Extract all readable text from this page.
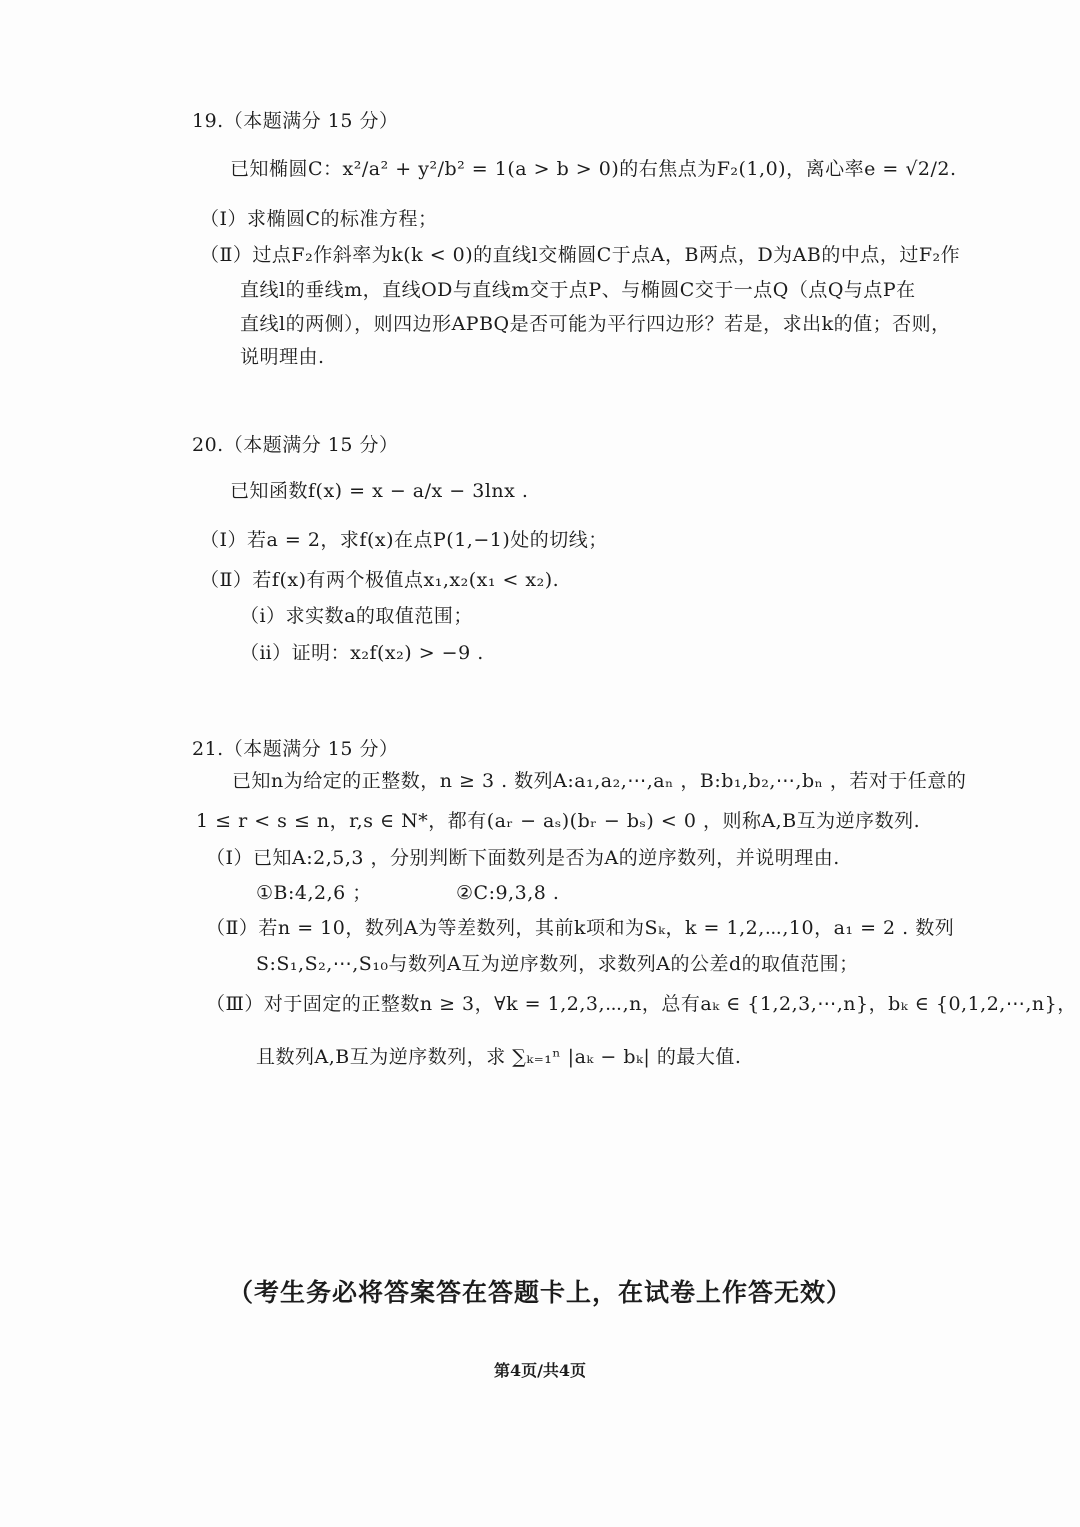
19.（本题满分 15 分）
已知椭圆C：x²/a² + y²/b² = 1(a > b > 0)的右焦点为F₂(1,0)，离心率e = √2/2.
（Ⅰ）求椭圆C的标准方程；
（Ⅱ）过点F₂作斜率为k(k < 0)的直线l交椭圆C于点A，B两点，D为AB的中点，过F₂作
直线l的垂线m，直线OD与直线m交于点P、与椭圆C交于一点Q（点Q与点P在
直线l的两侧），则四边形APBQ是否可能为平行四边形？若是，求出k的值；否则，
说明理由.
20.（本题满分 15 分）
已知函数f(x) = x − a/x − 3lnx .
（Ⅰ）若a = 2，求f(x)在点P(1,−1)处的切线；
（Ⅱ）若f(x)有两个极值点x₁,x₂(x₁ < x₂).
（ⅰ）求实数a的取值范围；
（ⅱ）证明：x₂f(x₂) > −9 .
21.（本题满分 15 分）
已知n为给定的正整数，n ≥ 3 . 数列A:a₁,a₂,⋯,aₙ ，B:b₁,b₂,⋯,bₙ ，若对于任意的
1 ≤ r < s ≤ n，r,s ∈ N*，都有(aᵣ − aₛ)(bᵣ − bₛ) < 0 ，则称A,B互为逆序数列.
（Ⅰ）已知A:2,5,3 ，分别判断下面数列是否为A的逆序数列，并说明理由.
①B:4,2,6 ；	②C:9,3,8 .
（Ⅱ）若n = 10，数列A为等差数列，其前k项和为Sₖ，k = 1,2,⋯,10，a₁ = 2 . 数列
S:S₁,S₂,⋯,S₁₀与数列A互为逆序数列，求数列A的公差d的取值范围；
（Ⅲ）对于固定的正整数n ≥ 3，∀k = 1,2,3,⋯,n，总有aₖ ∈ {1,2,3,⋯,n}，bₖ ∈ {0,1,2,⋯,n}，
且数列A,B互为逆序数列，求 ∑ₖ₌₁ⁿ |aₖ − bₖ| 的最大值.
（考生务必将答案答在答题卡上，在试卷上作答无效）
第4页/共4页
